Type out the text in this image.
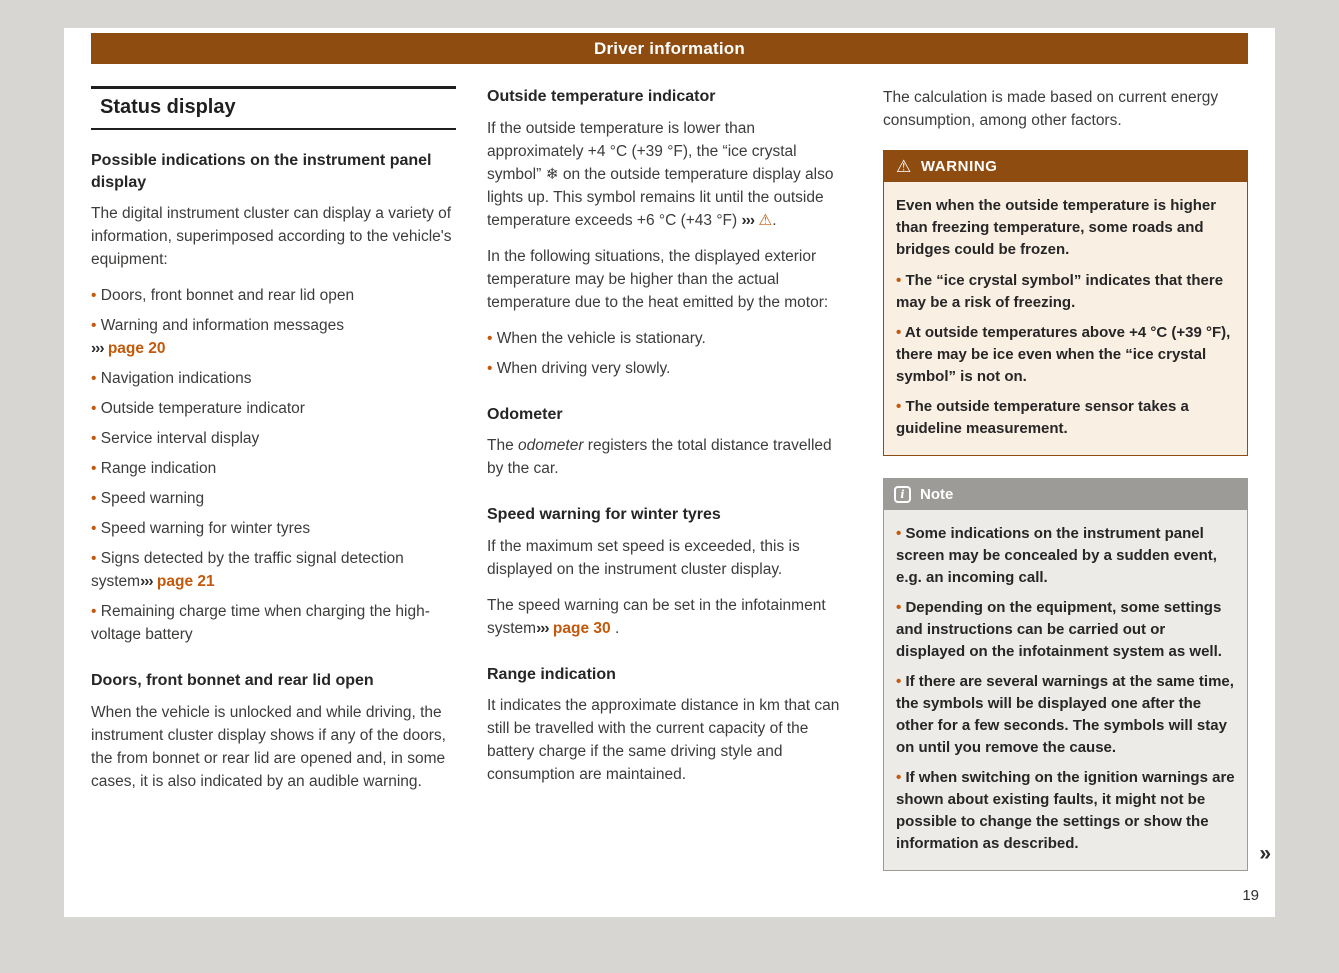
Driver information
Status display
Possible indications on the instrument panel display

The digital instrument cluster can display a variety of information, superimposed according to the vehicle's equipment:

• Doors, front bonnet and rear lid open
• Warning and information messages
››› page 20
• Navigation indications
• Outside temperature indicator
• Service interval display
• Range indication
• Speed warning
• Speed warning for winter tyres
• Signs detected by the traffic signal detection system››› page 21
• Remaining charge time when charging the high-voltage battery
Doors, front bonnet and rear lid open

When the vehicle is unlocked and while driving, the instrument cluster display shows if any of the doors, the from bonnet or rear lid are opened and, in some cases, it is also indicated by an audible warning.

Outside temperature indicator

If the outside temperature is lower than approximately +4 °C (+39 °F), the “ice crystal symbol” ❄ on the outside temperature display also lights up. This symbol remains lit until the outside temperature exceeds +6 °C (+43 °F) ››› ⚠.

In the following situations, the displayed exterior temperature may be higher than the actual temperature due to the heat emitted by the motor:

• When the vehicle is stationary.
• When driving very slowly.
Odometer

The odometer registers the total distance travelled by the car.

Speed warning for winter tyres

If the maximum set speed is exceeded, this is displayed on the instrument cluster display.

The speed warning can be set in the infotainment system››› page 30 .

Range indication

It indicates the approximate distance in km that can still be travelled with the current capacity of the battery charge if the same driving style and consumption are maintained.

The calculation is made based on current energy consumption, among other factors.

⚠ WARNING
Even when the outside temperature is higher than freezing temperature, some roads and bridges could be frozen.
• The “ice crystal symbol” indicates that there may be a risk of freezing.
• At outside temperatures above +4 °C (+39 °F), there may be ice even when the “ice crystal symbol” is not on.
• The outside temperature sensor takes a guideline measurement.
i	Note
• Some indications on the instrument panel screen may be concealed by a sudden event, e.g. an incoming call.
• Depending on the equipment, some settings and instructions can be carried out or displayed on the infotainment system as well.
• If there are several warnings at the same time, the symbols will be displayed one after the other for a few seconds. The symbols will stay on until you remove the cause.
• If when switching on the ignition warnings are shown about existing faults, it might not be possible to change the settings or show the information as described.	»
19
